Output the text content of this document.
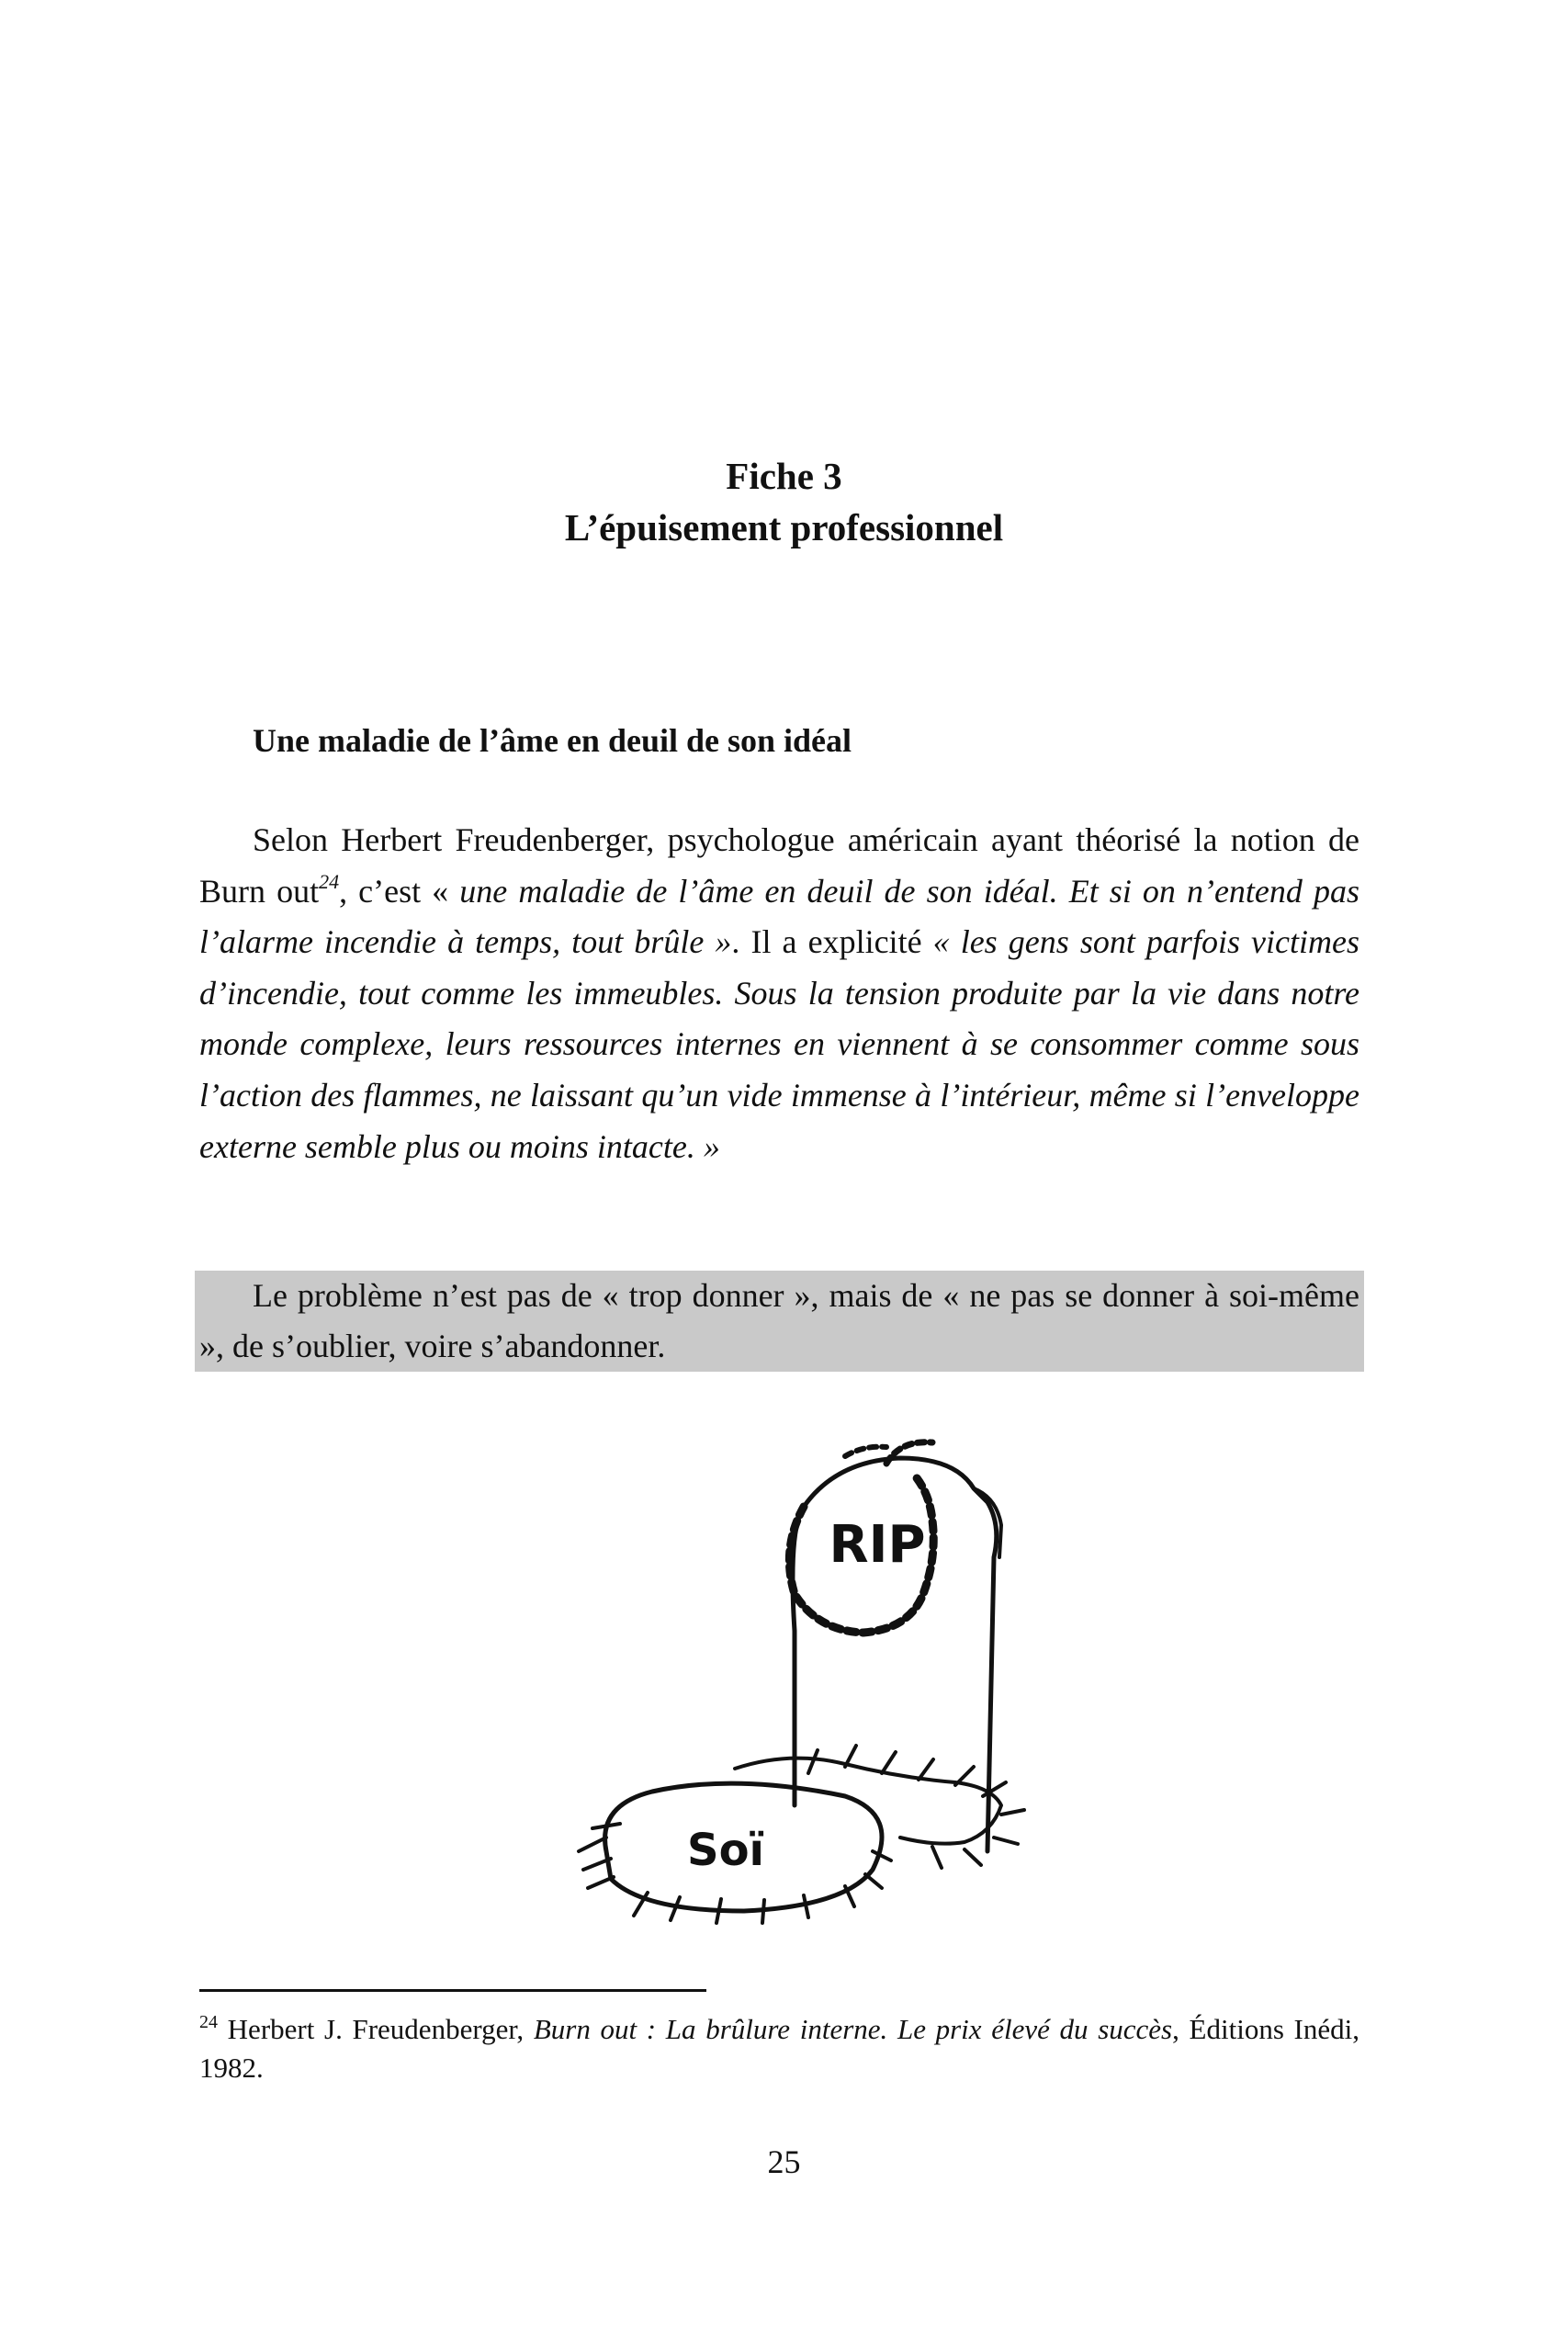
Fiche 3
L’épuisement professionnel
Une maladie de l’âme en deuil de son idéal
Selon Herbert Freudenberger, psychologue américain ayant théorisé la notion de Burn out$^{24}$, c’est « une maladie de l’âme en deuil de son idéal. Et si on n’entend pas l’alarme incendie à temps, tout brûle ». Il a explicité « les gens sont parfois victimes d’incendie, tout comme les immeubles. Sous la tension produite par la vie dans notre monde complexe, leurs ressources internes en viennent à se consommer comme sous l’action des flammes, ne laissant qu’un vide immense à l’intérieur, même si l’enveloppe externe semble plus ou moins intacte. »
Le problème n’est pas de « trop donner », mais de « ne pas se donner à soi-même », de s’oublier, voire s’abandonner.
RIP
Soï
$^{24}$ Herbert J. Freudenberger, Burn out : La brûlure interne. Le prix élevé du succès, Éditions Inédi, 1982.
25
